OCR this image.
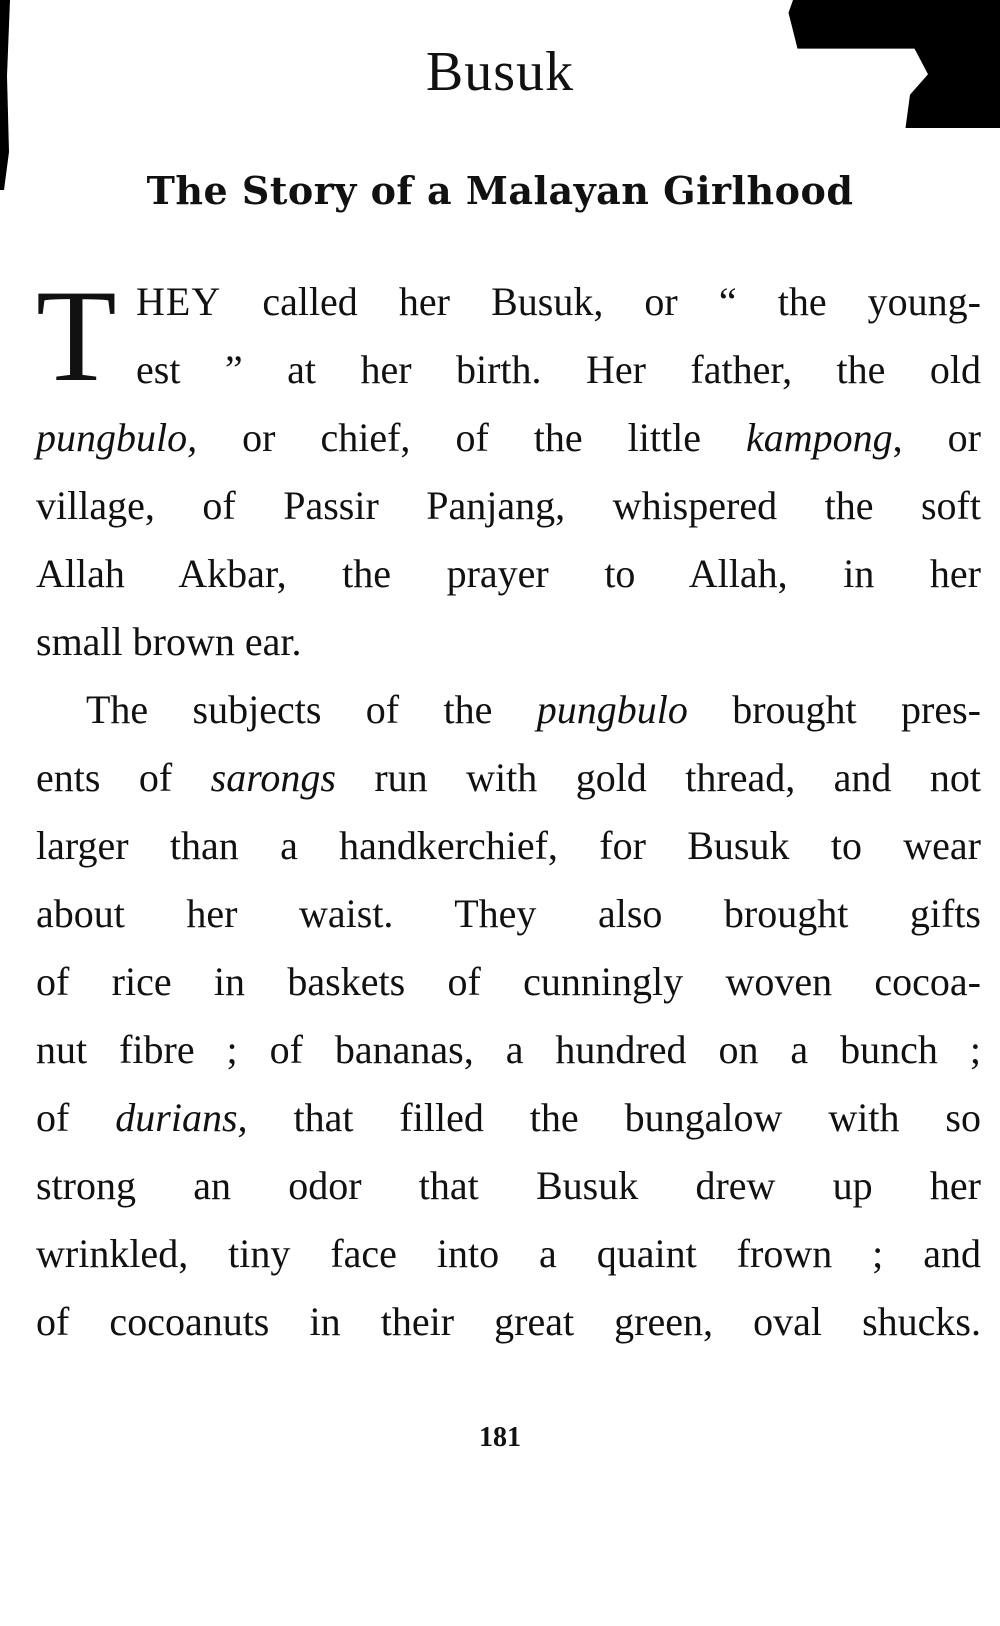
Busuk
The Story of a Malayan Girlhood
T HEY called her Busuk, or “ the young-
est ” at her birth. Her father, the old
pungbulo, or chief, of the little kampong, or
village, of Passir Panjang, whispered the soft
Allah Akbar, the prayer to Allah, in her
small brown ear.
The subjects of the pungbulo brought pres-
ents of sarongs run with gold thread, and not
larger than a handkerchief, for Busuk to wear
about her waist. They also brought gifts
of rice in baskets of cunningly woven cocoa-
nut fibre ; of bananas, a hundred on a bunch ;
of durians, that filled the bungalow with so
strong an odor that Busuk drew up her
wrinkled, tiny face into a quaint frown ; and
of cocoanuts in their great green, oval shucks.
181
